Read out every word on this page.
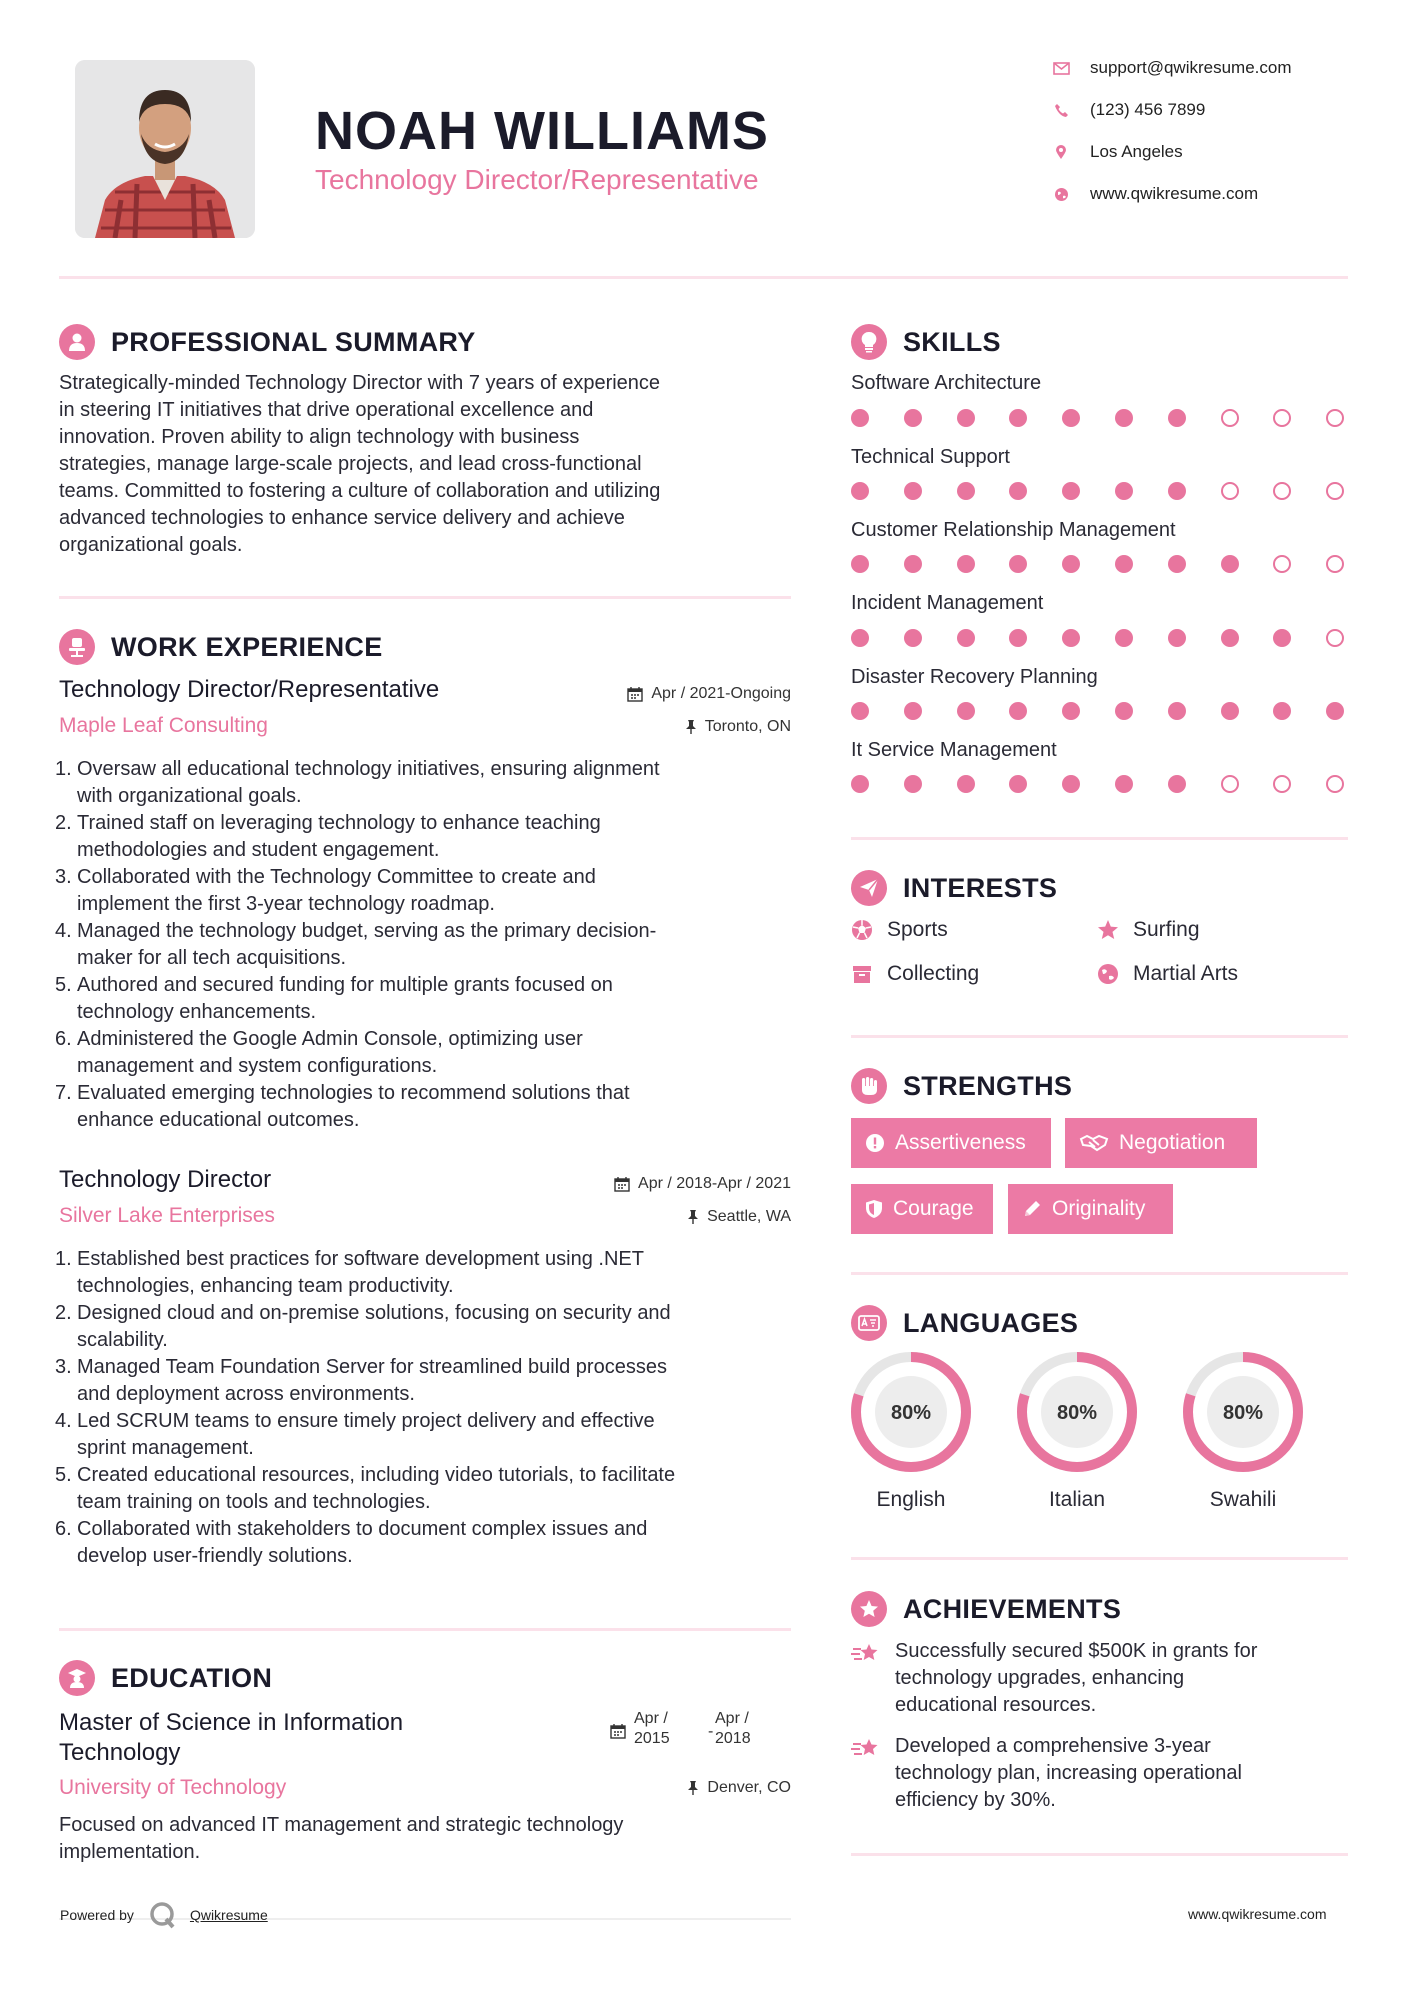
NOAH WILLIAMS
Technology Director/Representative
support@qwikresume.com
(123) 456 7899
Los Angeles
www.qwikresume.com
PROFESSIONAL SUMMARY
Strategically-minded Technology Director with 7 years of experience
in steering IT initiatives that drive operational excellence and
innovation. Proven ability to align technology with business
strategies, manage large-scale projects, and lead cross-functional
teams. Committed to fostering a culture of collaboration and utilizing
advanced technologies to enhance service delivery and achieve
organizational goals.
WORK EXPERIENCE
Technology Director/Representative	Apr / 2021-Ongoing
Maple Leaf Consulting	Toronto, ON
1. Oversaw all educational technology initiatives, ensuring alignment
with organizational goals.
2. Trained staff on leveraging technology to enhance teaching
methodologies and student engagement.
3. Collaborated with the Technology Committee to create and
implement the first 3-year technology roadmap.
4. Managed the technology budget, serving as the primary decision-
maker for all tech acquisitions.
5. Authored and secured funding for multiple grants focused on
technology enhancements.
6. Administered the Google Admin Console, optimizing user
management and system configurations.
7. Evaluated emerging technologies to recommend solutions that
enhance educational outcomes.
Technology Director	Apr / 2018-Apr / 2021
Silver Lake Enterprises	Seattle, WA
1. Established best practices for software development using .NET
technologies, enhancing team productivity.
2. Designed cloud and on-premise solutions, focusing on security and
scalability.
3. Managed Team Foundation Server for streamlined build processes
and deployment across environments.
4. Led SCRUM teams to ensure timely project delivery and effective
sprint management.
5. Created educational resources, including video tutorials, to facilitate
team training on tools and technologies.
6. Collaborated with stakeholders to document complex issues and
develop user-friendly solutions.
EDUCATION
Master of Science in Information
Technology
Apr /
2015 -
Apr /
2018
University of Technology	Denver, CO
Focused on advanced IT management and strategic technology
implementation.
SKILLS
Software Architecture
Technical Support
Customer Relationship Management
Incident Management
Disaster Recovery Planning
It Service Management
INTERESTS
Sports	Surfing
Collecting	Martial Arts
STRENGTHS
Assertiveness	Negotiation
Courage	Originality
LANGUAGES
80%	80%	80%
English	Italian	Swahili
ACHIEVEMENTS
Successfully secured $500K in grants for
technology upgrades, enhancing
educational resources.
Developed a comprehensive 3-year
technology plan, increasing operational
efficiency by 30%.
Powered by	Qwikresume	www.qwikresume.com
